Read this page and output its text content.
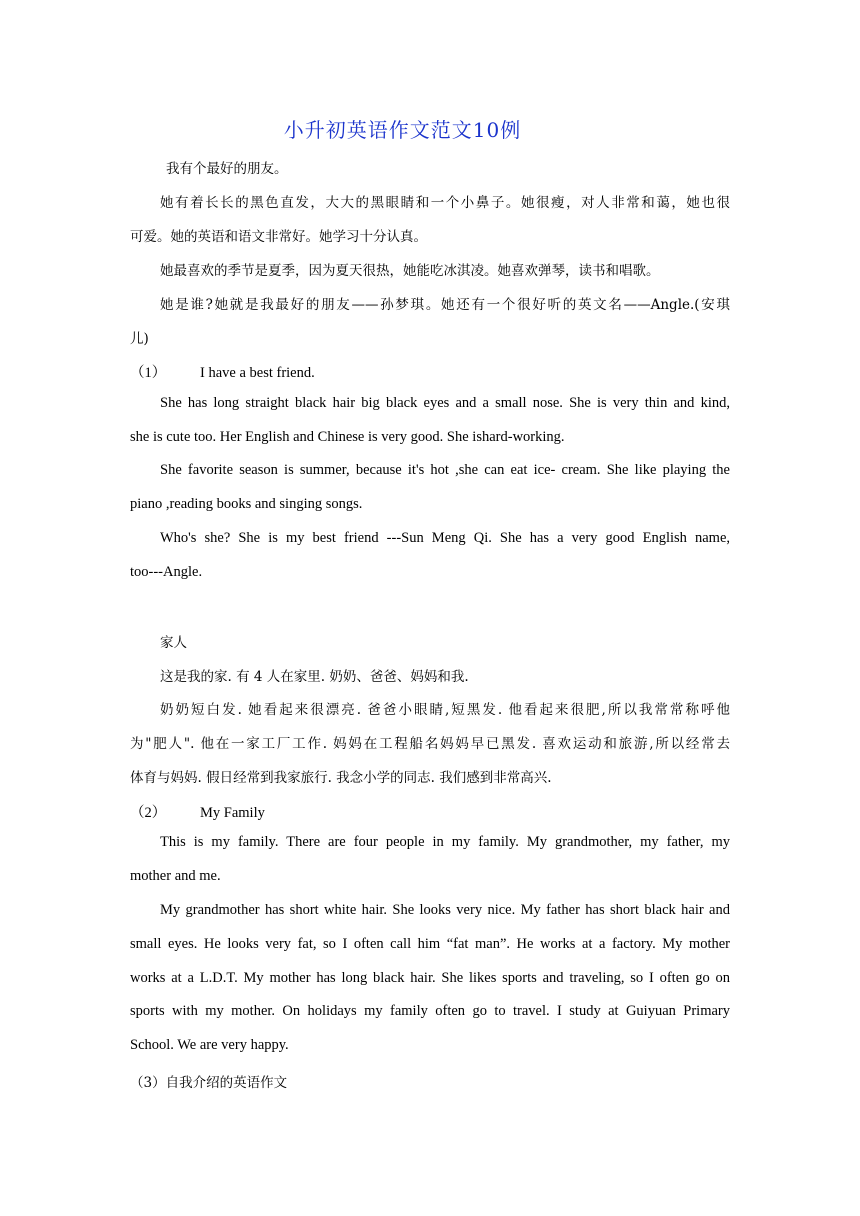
小升初英语作文范文10例
我有个最好的朋友。
她有着长长的黑色直发，大大的黑眼睛和一个小鼻子。她很瘦，对人非常和蔼，她也很
可爱。她的英语和语文非常好。她学习十分认真。
她最喜欢的季节是夏季，因为夏天很热，她能吃冰淇凌。她喜欢弹琴，读书和唱歌。
她是谁?她就是我最好的朋友——孙梦琪。她还有一个很好听的英文名——Angle.(安琪
儿)
（1） I have a best friend.
She has long straight black hair big black eyes and a small nose. She is very thin and kind,
she is cute too. Her English and Chinese is very good. She ishard-working.
She favorite season is summer, because it's hot ,she can eat ice- cream. She like playing the
piano ,reading books and singing songs.
Who's she? She is my best friend ---Sun Meng Qi. She has a very good English name,
too---Angle.
家人
这是我的家. 有 4 人在家里. 奶奶、爸爸、妈妈和我.
奶奶短白发. 她看起来很漂亮. 爸爸小眼睛,短黑发. 他看起来很肥,所以我常常称呼他
为"肥人". 他在一家工厂工作. 妈妈在工程船名妈妈早已黑发. 喜欢运动和旅游,所以经常去
体育与妈妈. 假日经常到我家旅行. 我念小学的同志. 我们感到非常高兴.
（2） My Family
This is my family. There are four people in my family. My grandmother, my father, my
mother and me.
My grandmother has short white hair. She looks very nice. My father has short black hair and
small eyes. He looks very fat, so I often call him “fat man”. He works at a factory. My mother
works at a L.D.T. My mother has long black hair. She likes sports and traveling, so I often go on
sports with my mother. On holidays my family often go to travel. I study at Guiyuan Primary
School. We are very happy.
（3）自我介绍的英语作文
